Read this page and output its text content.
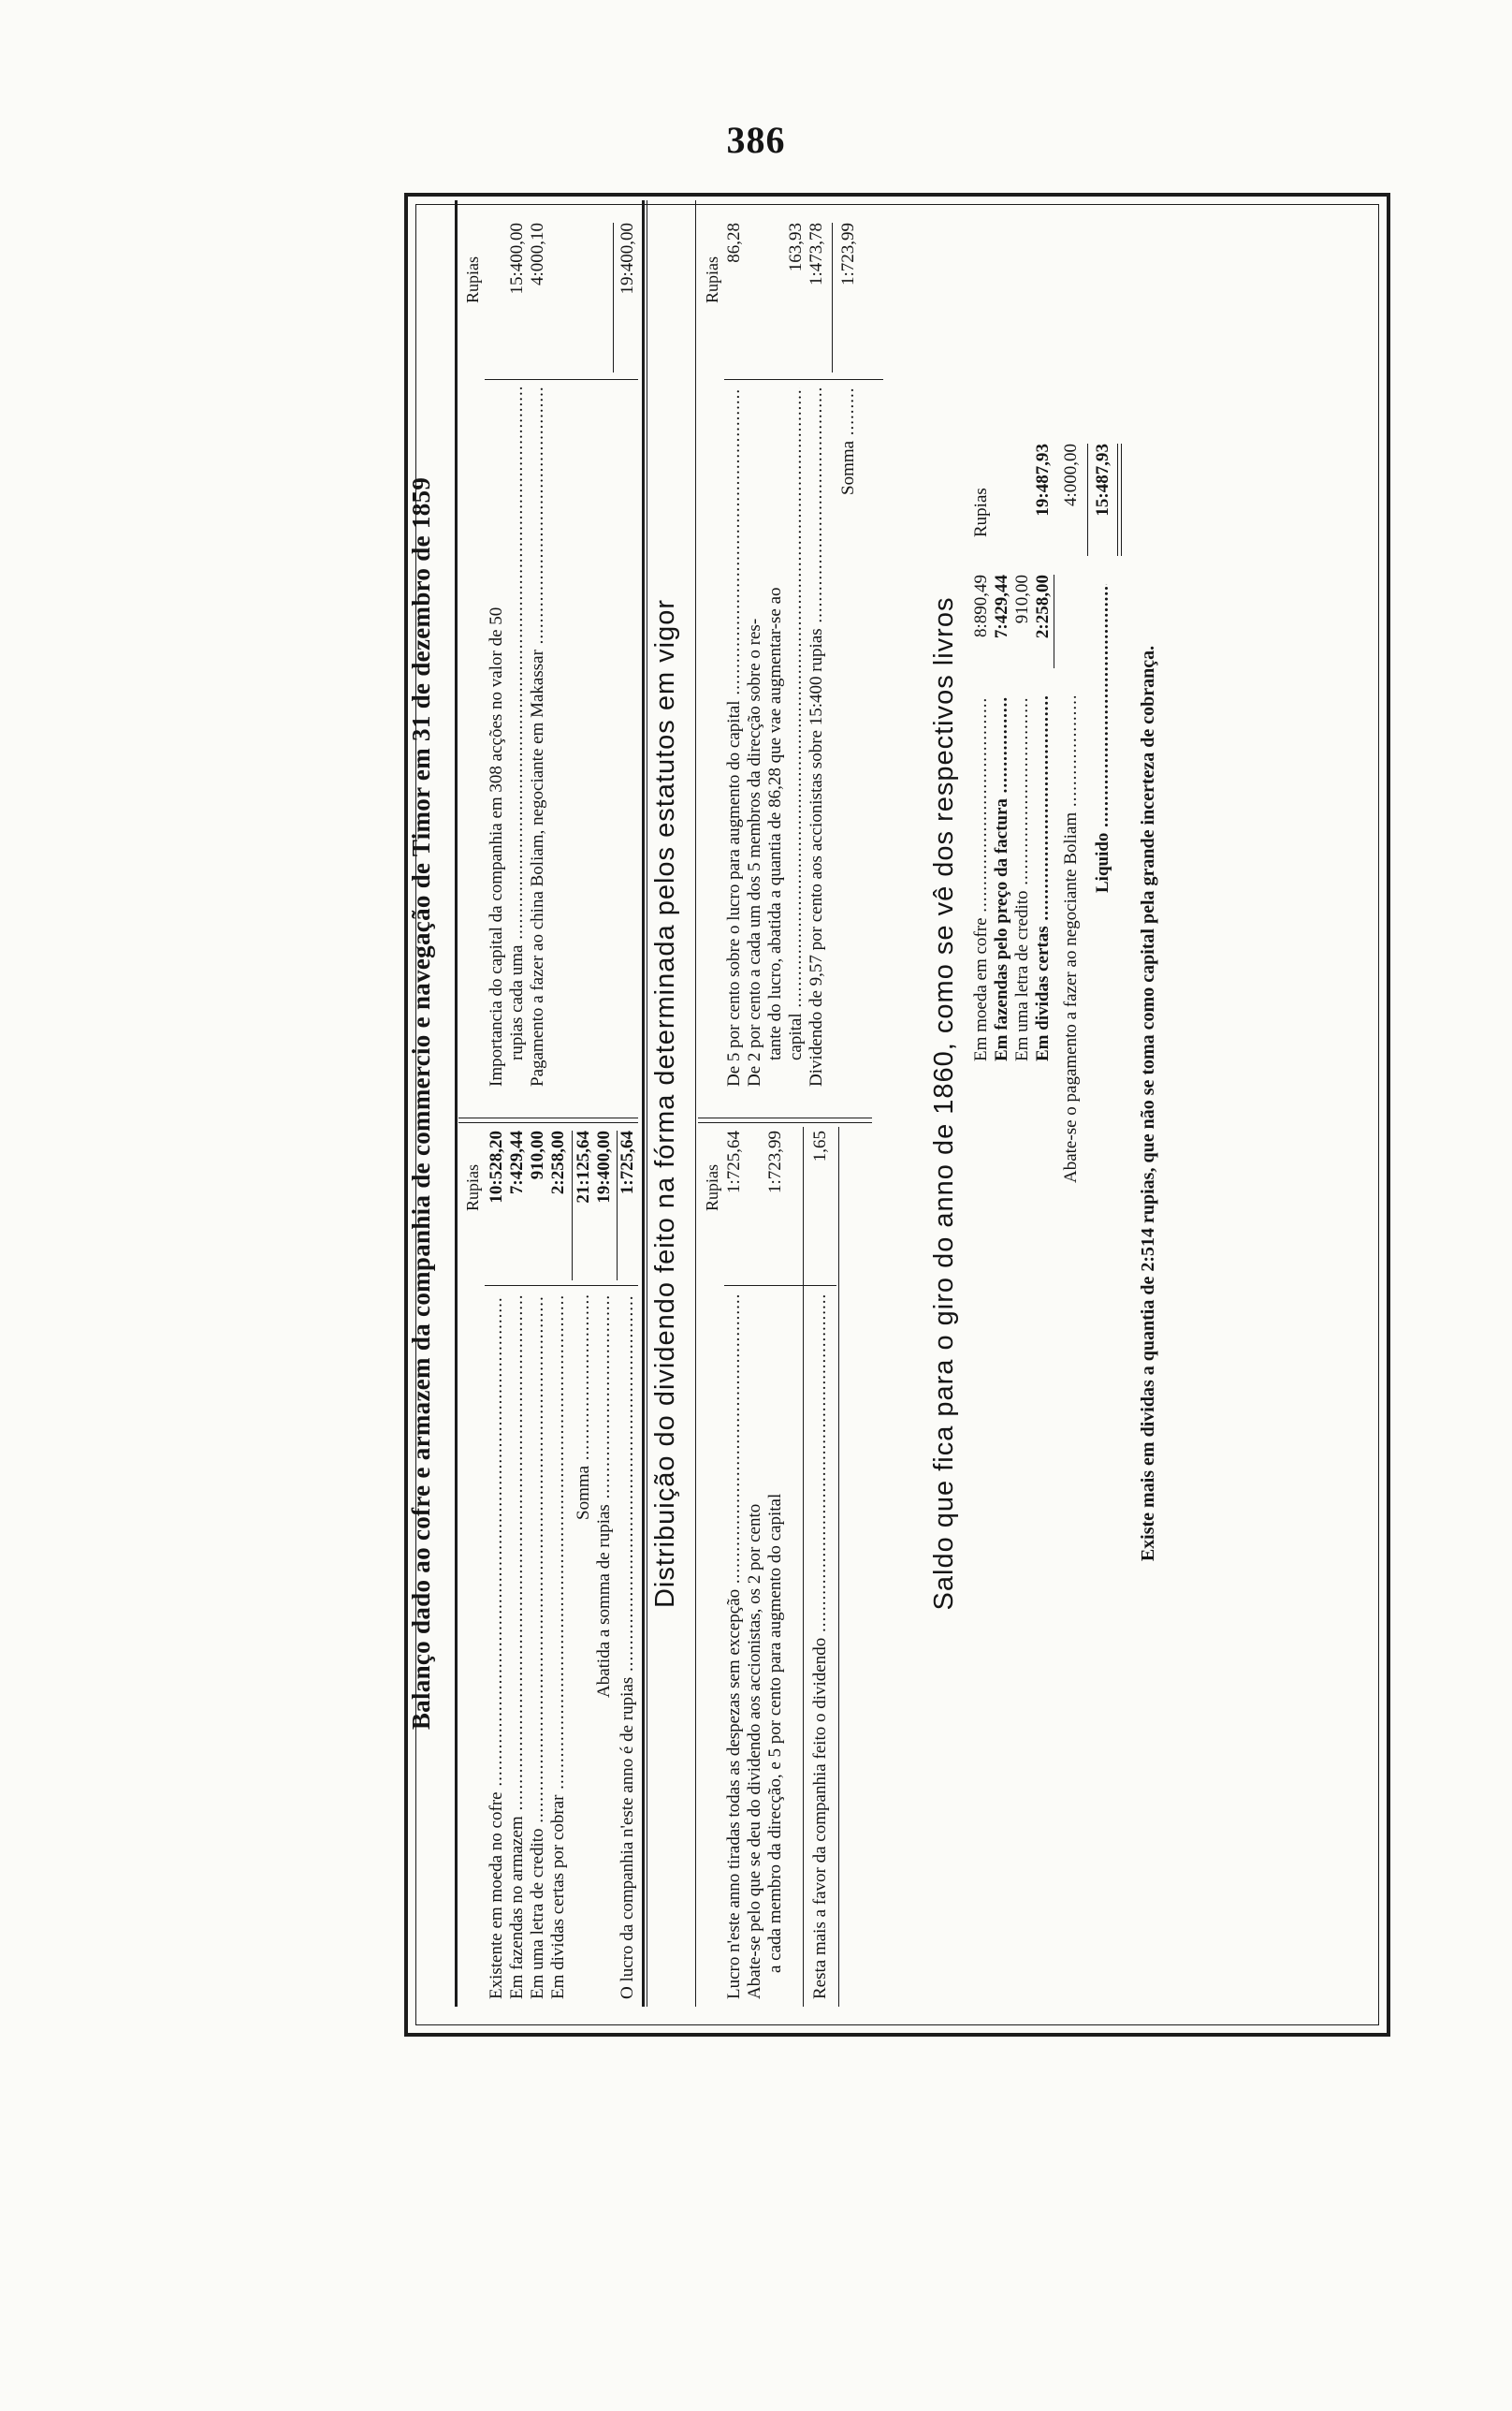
386
Balanço dado ao cofre e armazem da companhia de commercio e navegação de Timor em 31 de dezembro de 1859 Rupias
Existente em moeda no cofre .....
10:528,20
Em fazendas no armazem .....
7:429,44
Em uma letra de credito .....
910,00
Em dividas certas por cobrar .....
2:258,00
Somma .....
21:125,64
Abatida a somma de rupias .....
19:400,00
O lucro da companhia n'este anno é de rupias .....
1:725,64
Rupias
Importancia do capital da companhia em 308 acções no valor de 50 rupias cada uma .....
15:400,00
Pagamento a fazer ao china Boliam, negociante em Makassar .....
4:000,10	19:400,00
Distribuição do dividendo feito na fórma determinada pelos estatutos em vigor Rupias
Lucro n'este anno tiradas todas as despezas sem excepção .....
1:725,64
Abate-se pelo que se deu do dividendo aos accionistas, os 2 por cento a cada membro da direcção, e 5 por cento para augmento do capital
1:723,99
Resta mais a favor da companhia feito o dividendo .....
1,65
Rupias
De 5 por cento sobre o lucro para augmento do capital .....
86,28
De 2 por cento a cada um dos 5 membros da direcção sobre o res- tante do lucro, abatida a quantia de 86,28 que vae augmentar-se ao capital .....
163,93
Dividendo de 9,57 por cento aos accionistas sobre 15:400 rupias .....
1:473,78
Somma .....
1:723,99
Saldo que fica para o giro do anno de 1860, como se vê dos respectivos livros
Rupias
Em moeda em cofre .....
8:890,49
Em fazendas pelo preço da factura .....
7:429,44
Em uma letra de credito .....
910,00
Em dividas certas .....
2:258,00
19:487,93
Abate-se o pagamento a fazer ao negociante Boliam .....
4:000,00
Liquido .....
15:487,93
Existe mais em dividas a quantia de 2:514 rupias, que não se toma como capital pela grande incerteza de cobrança.
